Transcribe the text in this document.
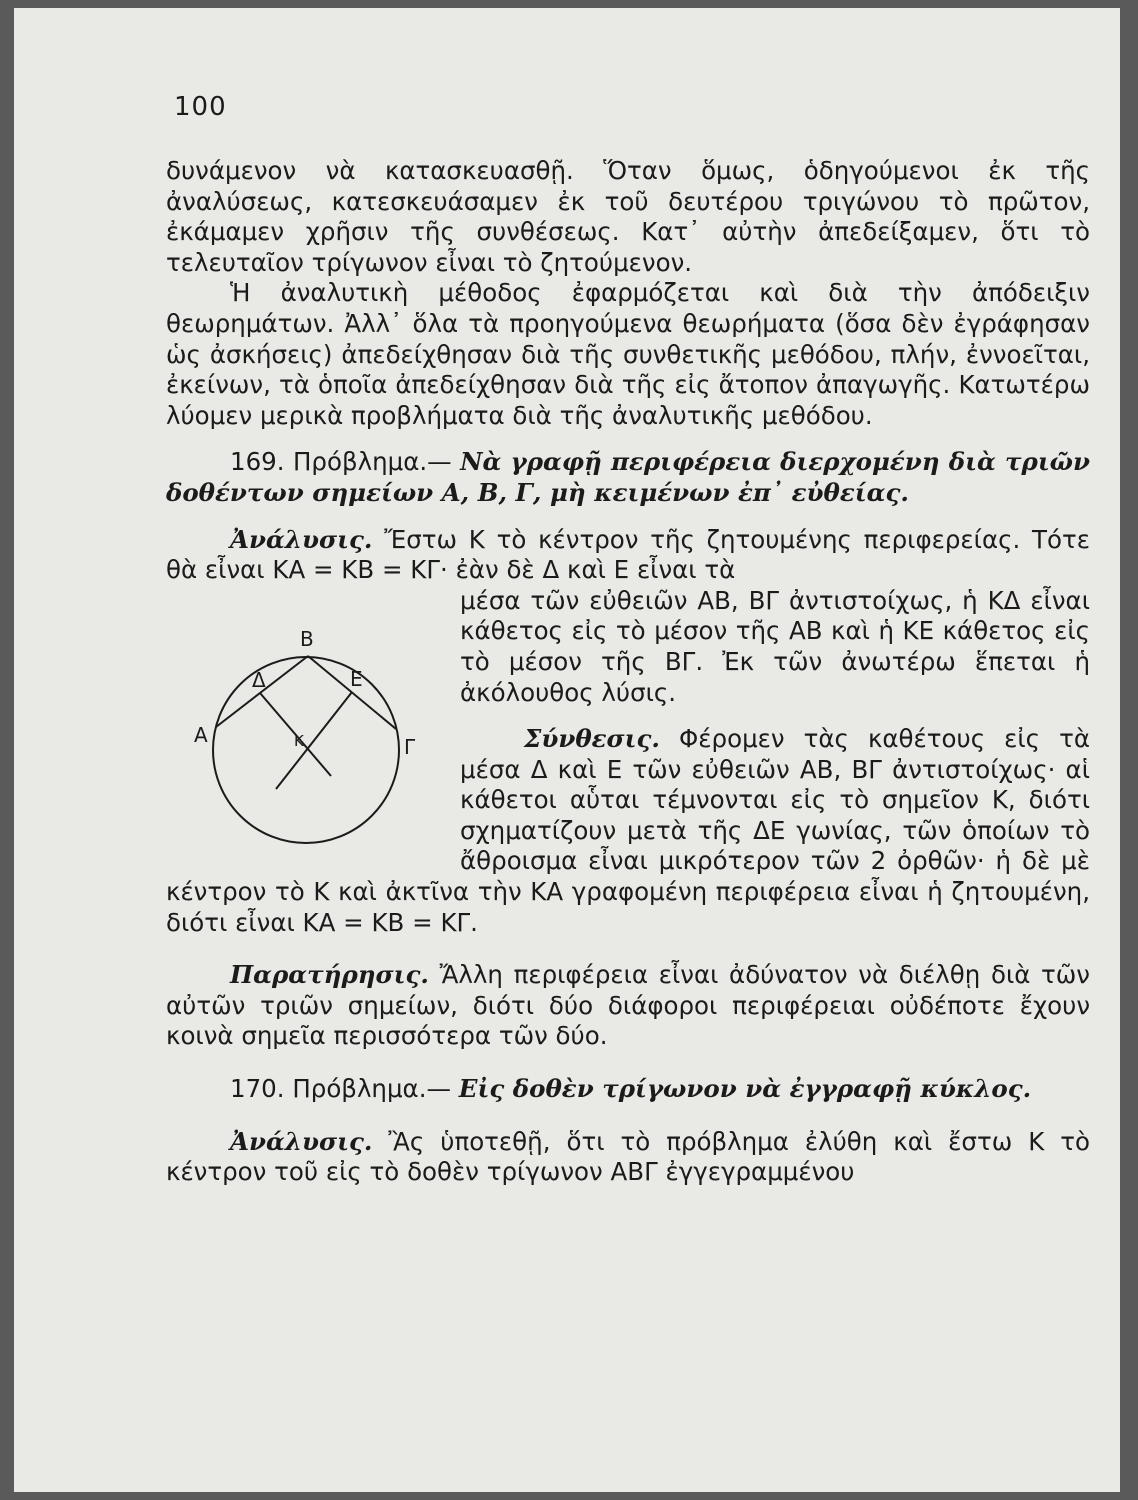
100

δυνάμενον νὰ κατασκευασθῇ. Ὅταν ὅμως, ὁδηγούμενοι ἐκ τῆς ἀναλύσεως, κατεσκευάσαμεν ἐκ τοῦ δευτέρου τριγώνου τὸ πρῶτον, ἐκάμαμεν χρῆσιν τῆς συνθέσεως. Κατ᾽ αὐτὴν ἀπεδείξαμεν, ὅτι τὸ τελευταῖον τρίγωνον εἶναι τὸ ζητούμενον.

Ἡ ἀναλυτικὴ μέθοδος ἐφαρμόζεται καὶ διὰ τὴν ἀπόδειξιν θεωρημάτων. Ἀλλ᾽ ὅλα τὰ προηγούμενα θεωρήματα (ὅσα δὲν ἐγράφησαν ὡς ἀσκήσεις) ἀπεδείχθησαν διὰ τῆς συνθετικῆς μεθόδου, πλήν, ἐννοεῖται, ἐκείνων, τὰ ὁποῖα ἀπεδείχθησαν διὰ τῆς εἰς ἄτοπον ἀπαγωγῆς. Κατωτέρω λύομεν μερικὰ προβλήματα διὰ τῆς ἀναλυτικῆς μεθόδου.

169. Πρόβλημα.— Νὰ γραφῇ περιφέρεια διερχομένη διὰ τριῶν δοθέντων σημείων Α, Β, Γ, μὴ κειμένων ἐπ᾽ εὐθείας.

Ἀνάλυσις. Ἔστω Κ τὸ κέντρον τῆς ζητουμένης περιφερείας. Τότε θὰ εἶναι ΚΑ = ΚΒ = ΚΓ· ἐὰν δὲ Δ καὶ Ε εἶναι τὰ

Α
Β
Γ
Δ	Ε
Κ

μέσα τῶν εὐθειῶν ΑΒ, ΒΓ ἀντιστοίχως, ἡ ΚΔ εἶναι κάθετος εἰς τὸ μέσον τῆς ΑΒ καὶ ἡ ΚΕ κάθετος εἰς τὸ μέσον τῆς ΒΓ. Ἐκ τῶν ἀνωτέρω ἕπεται ἡ ἀκόλουθος λύσις.

Σύνθεσις. Φέρομεν τὰς καθέτους εἰς τὰ μέσα Δ καὶ Ε τῶν εὐθειῶν ΑΒ, ΒΓ ἀντιστοίχως· αἱ κάθετοι αὗται τέμνονται εἰς τὸ σημεῖον Κ, διότι σχηματίζουν μετὰ τῆς ΔΕ γωνίας, τῶν ὁποίων τὸ ἄθροισμα εἶναι μικρότερον τῶν 2 ὀρθῶν· ἡ δὲ μὲ κέντρον τὸ Κ καὶ ἀκτῖνα τὴν ΚΑ γραφομένη περιφέρεια εἶναι ἡ ζητουμένη, διότι εἶναι ΚΑ = ΚΒ = ΚΓ.

Παρατήρησις. Ἄλλη περιφέρεια εἶναι ἀδύνατον νὰ διέλθῃ διὰ τῶν αὐτῶν τριῶν σημείων, διότι δύο διάφοροι περιφέρειαι οὐδέποτε ἔχουν κοινὰ σημεῖα περισσότερα τῶν δύο.

170. Πρόβλημα.— Εἰς δοθὲν τρίγωνον νὰ ἐγγραφῇ κύκλος.

Ἀνάλυσις. Ἂς ὑποτεθῇ, ὅτι τὸ πρόβλημα ἐλύθη καὶ ἔστω Κ τὸ κέντρον τοῦ εἰς τὸ δοθὲν τρίγωνον ΑΒΓ ἐγγεγραμμένου
